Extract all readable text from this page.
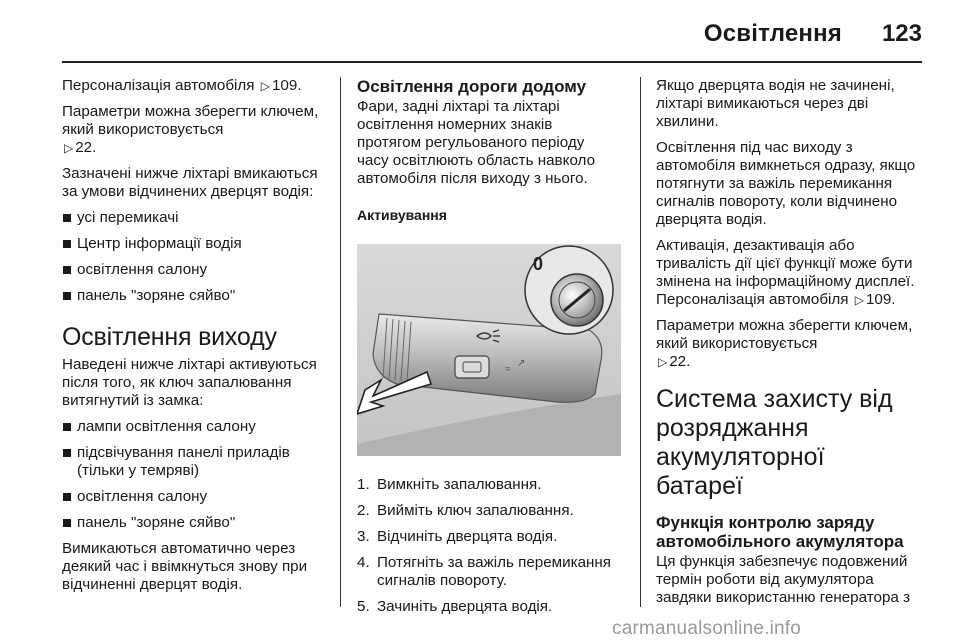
Освітлення 123

Персоналізація автомобіля ▷ 109.

Параметри можна зберегти ключем, який використовується
▷ 22.

Зазначені нижче ліхтарі вмикаються за умови відчинених дверцят водія:

усі перемикачі
Центр інформації водія
освітлення салону
панель "зоряне сяйво"
Освітлення виходу

Наведені нижче ліхтарі активуються після того, як ключ запалювання витягнутий із замка:

лампи освітлення салону
підсвічування панелі приладів (тільки у темряві)
освітлення салону
панель "зоряне сяйво"

Вимикаються автоматично через деякий час і ввімкнуться знову при відчиненні дверцят водія.

Освітлення дороги додому

Фари, задні ліхтарі та ліхтарі освітлення номерних знаків протягом регульованого періоду часу освітлюють область навколо автомобіля після виходу з нього.

Активування
≈
↗
0
1. Вимкніть запалювання.
2. Вийміть ключ запалювання.
3. Відчиніть дверцята водія.
4. Потягніть за важіль перемикання сигналів повороту.
5. Зачиніть дверцята водія.

Якщо дверцята водія не зачинені, ліхтарі вимикаються через дві хвилини.

Освітлення під час виходу з автомобіля вимкнеться одразу, якщо потягнути за важіль перемикання сигналів повороту, коли відчинено дверцята водія.

Активація, дезактивація або тривалість дії цієї функції може бути змінена на інформаційному дисплеї. Персоналізація автомобіля ▷ 109.

Параметри можна зберегти ключем, який використовується
▷ 22.

Система захисту від розряджання акумуляторної батареї
Функція контролю заряду автомобільного акумулятора

Ця функція забезпечує подовжений термін роботи від акумулятора завдяки використанню генератора з

carmanualsonline.info
